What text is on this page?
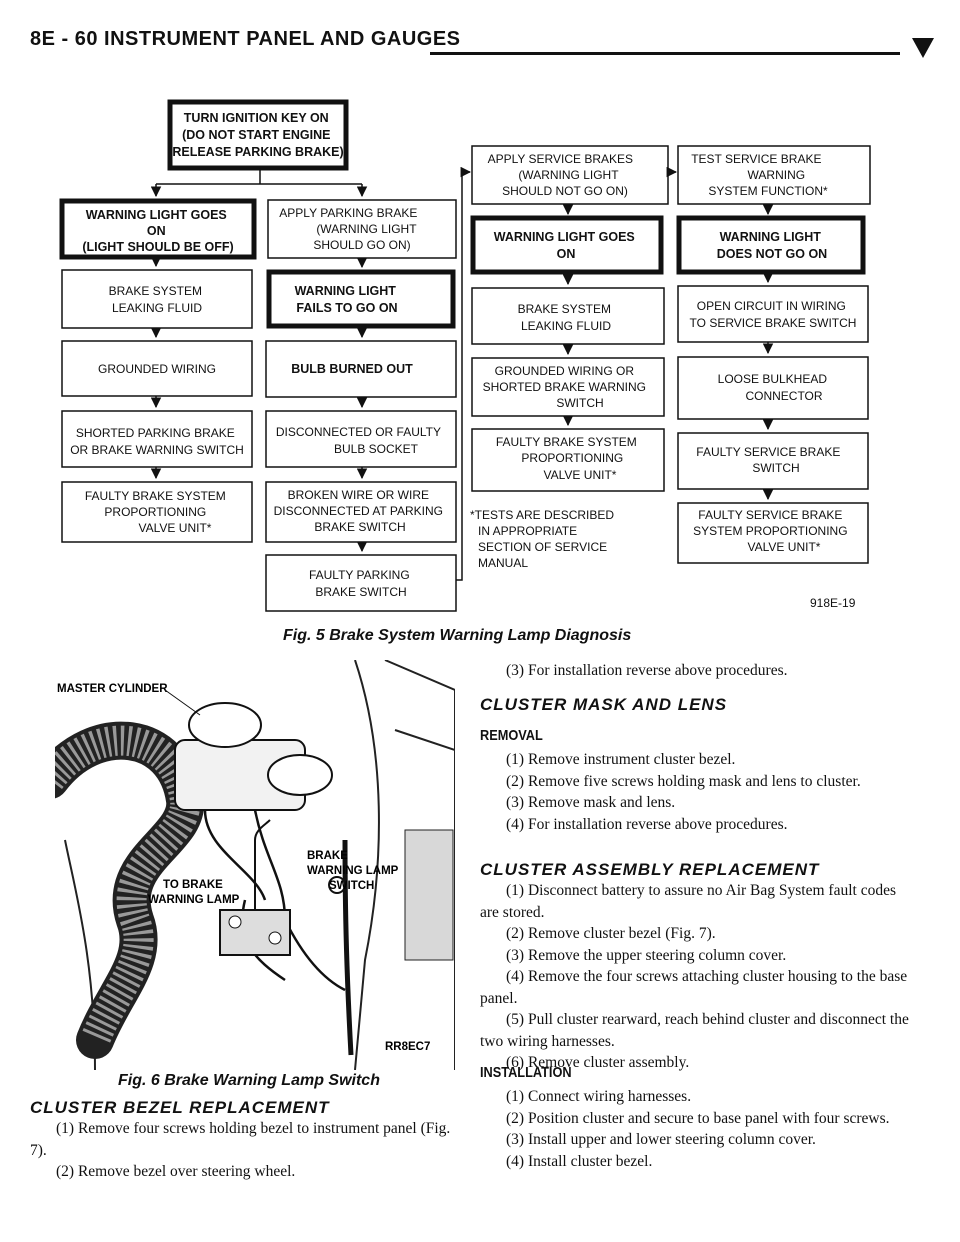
8E - 60 INSTRUMENT PANEL AND GAUGES
TURN IGNITION KEY ON (DO NOT START ENGINE RELEASE PARKING BRAKE)
WARNING LIGHT GOES ON (LIGHT SHOULD BE OFF)
BRAKE SYSTEM LEAKING FLUID
GROUNDED WIRING
SHORTED PARKING BRAKE OR BRAKE WARNING SWITCH
FAULTY BRAKE SYSTEM PROPORTIONING VALVE UNIT*
APPLY PARKING BRAKE (WARNING LIGHT SHOULD GO ON)
WARNING LIGHT FAILS TO GO ON
BULB BURNED OUT
DISCONNECTED OR FAULTY BULB SOCKET
BROKEN WIRE OR WIRE DISCONNECTED AT PARKING BRAKE SWITCH
FAULTY PARKING BRAKE SWITCH
APPLY SERVICE BRAKES (WARNING LIGHT SHOULD NOT GO ON)
WARNING LIGHT GOES ON
BRAKE SYSTEM LEAKING FLUID
GROUNDED WIRING OR SHORTED BRAKE WARNING SWITCH
FAULTY BRAKE SYSTEM PROPORTIONING VALVE UNIT*
TEST SERVICE BRAKE WARNING SYSTEM FUNCTION*
WARNING LIGHT DOES NOT GO ON
OPEN CIRCUIT IN WIRING TO SERVICE BRAKE SWITCH
LOOSE BULKHEAD CONNECTOR
FAULTY SERVICE BRAKE SWITCH
FAULTY SERVICE BRAKE SYSTEM PROPORTIONING VALVE UNIT*
*TESTS ARE DESCRIBED IN APPROPRIATE SECTION OF SERVICE MANUAL
918E-19
Fig. 5 Brake System Warning Lamp Diagnosis
MASTER CYLINDER
BRAKE WARNING LAMP SWITCH
TO BRAKE WARNING LAMP
RR8EC7
Fig. 6 Brake Warning Lamp Switch
CLUSTER BEZEL REPLACEMENT

(1) Remove four screws holding bezel to instrument panel (Fig. 7).

(2) Remove bezel over steering wheel.

(3) For installation reverse above procedures.

CLUSTER MASK AND LENS
REMOVAL

(1) Remove instrument cluster bezel.

(2) Remove five screws holding mask and lens to cluster.

(3) Remove mask and lens.

(4) For installation reverse above procedures.

CLUSTER ASSEMBLY REPLACEMENT

(1) Disconnect battery to assure no Air Bag System fault codes are stored.

(2) Remove cluster bezel (Fig. 7).

(3) Remove the upper steering column cover.

(4) Remove the four screws attaching cluster housing to the base panel.

(5) Pull cluster rearward, reach behind cluster and disconnect the two wiring harnesses.

(6) Remove cluster assembly.

INSTALLATION

(1) Connect wiring harnesses.

(2) Position cluster and secure to base panel with four screws.

(3) Install upper and lower steering column cover.

(4) Install cluster bezel.
